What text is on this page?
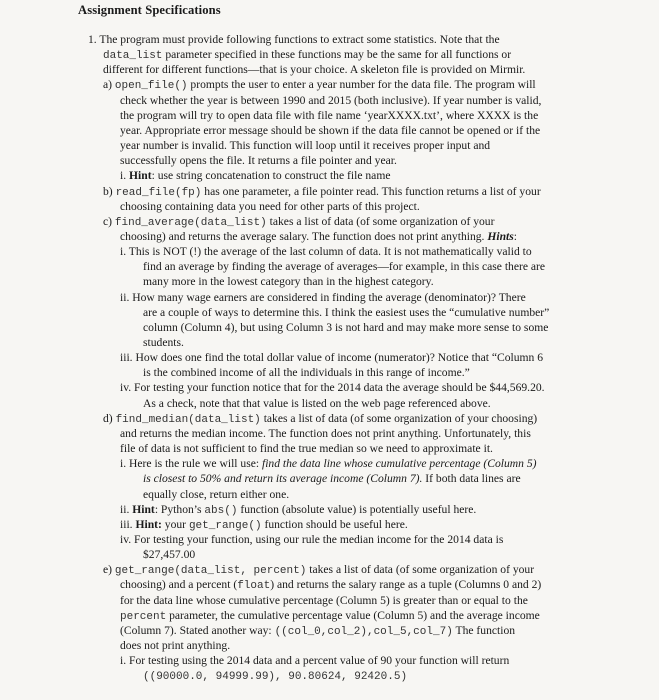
Assignment Specifications
1. The program must provide following functions to extract some statistics. Note that the
data_list parameter specified in these functions may be the same for all functions or
different for different functions—that is your choice. A skeleton file is provided on Mirmir.
a) open_file() prompts the user to enter a year number for the data file. The program will
check whether the year is between 1990 and 2015 (both inclusive). If year number is valid,
the program will try to open data file with file name ‘yearXXXX.txt’, where XXXX is the
year. Appropriate error message should be shown if the data file cannot be opened or if the
year number is invalid. This function will loop until it receives proper input and
successfully opens the file. It returns a file pointer and year.
i. Hint: use string concatenation to construct the file name
b) read_file(fp) has one parameter, a file pointer read. This function returns a list of your
choosing containing data you need for other parts of this project.
c) find_average(data_list) takes a list of data (of some organization of your
choosing) and returns the average salary. The function does not print anything. Hints:
i. This is NOT (!) the average of the last column of data. It is not mathematically valid to
find an average by finding the average of averages—for example, in this case there are
many more in the lowest category than in the highest category.
ii. How many wage earners are considered in finding the average (denominator)? There
are a couple of ways to determine this. I think the easiest uses the “cumulative number”
column (Column 4), but using Column 3 is not hard and may make more sense to some
students.
iii. How does one find the total dollar value of income (numerator)? Notice that “Column 6
is the combined income of all the individuals in this range of income.”
iv. For testing your function notice that for the 2014 data the average should be $44,569.20.
As a check, note that that value is listed on the web page referenced above.
d) find_median(data_list) takes a list of data (of some organization of your choosing)
and returns the median income. The function does not print anything. Unfortunately, this
file of data is not sufficient to find the true median so we need to approximate it.
i. Here is the rule we will use: find the data line whose cumulative percentage (Column 5)
is closest to 50% and return its average income (Column 7). If both data lines are
equally close, return either one.
ii. Hint: Python’s abs() function (absolute value) is potentially useful here.
iii. Hint: your get_range() function should be useful here.
iv. For testing your function, using our rule the median income for the 2014 data is
$27,457.00
e) get_range(data_list, percent) takes a list of data (of some organization of your
choosing) and a percent (float) and returns the salary range as a tuple (Columns 0 and 2)
for the data line whose cumulative percentage (Column 5) is greater than or equal to the
percent parameter, the cumulative percentage value (Column 5) and the average income
(Column 7). Stated another way: ((col_0,col_2),col_5,col_7) The function
does not print anything.
i. For testing using the 2014 data and a percent value of 90 your function will return
((90000.0, 94999.99), 90.80624, 92420.5)
